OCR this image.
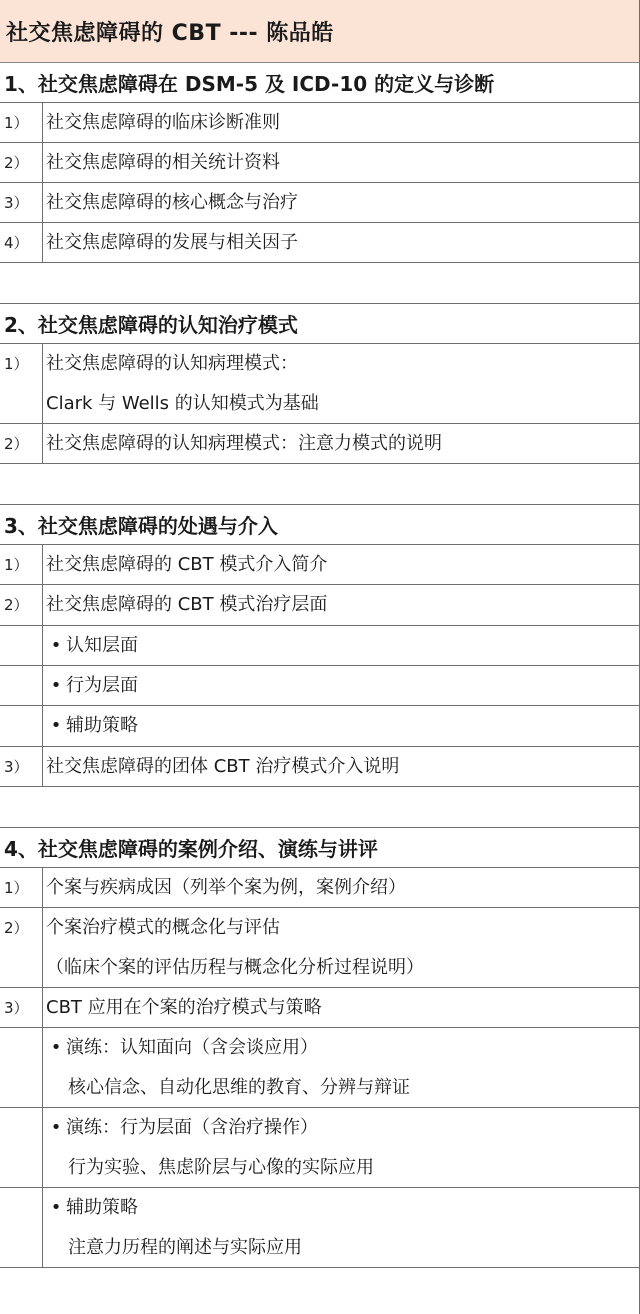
社交焦虑障碍的 CBT --- 陈品皓
1、社交焦虑障碍在 DSM-5 及 ICD-10 的定义与诊断
1） 社交焦虑障碍的临床诊断准则
2） 社交焦虑障碍的相关统计资料
3） 社交焦虑障碍的核心概念与治疗
4） 社交焦虑障碍的发展与相关因子
2、社交焦虑障碍的认知治疗模式
1） 社交焦虑障碍的认知病理模式：
Clark 与 Wells 的认知模式为基础
2） 社交焦虑障碍的认知病理模式：注意力模式的说明
3、社交焦虑障碍的处遇与介入
1） 社交焦虑障碍的 CBT 模式介入简介
2） 社交焦虑障碍的 CBT 模式治疗层面
• 认知层面
• 行为层面
• 辅助策略
3） 社交焦虑障碍的团体 CBT 治疗模式介入说明
4、社交焦虑障碍的案例介绍、演练与讲评
1） 个案与疾病成因（列举个案为例，案例介绍）
2） 个案治疗模式的概念化与评估
（临床个案的评估历程与概念化分析过程说明）
3） CBT 应用在个案的治疗模式与策略
• 演练：认知面向（含会谈应用）
核心信念、自动化思维的教育、分辨与辩证
• 演练：行为层面（含治疗操作）
行为实验、焦虑阶层与心像的实际应用
• 辅助策略
注意力历程的阐述与实际应用
